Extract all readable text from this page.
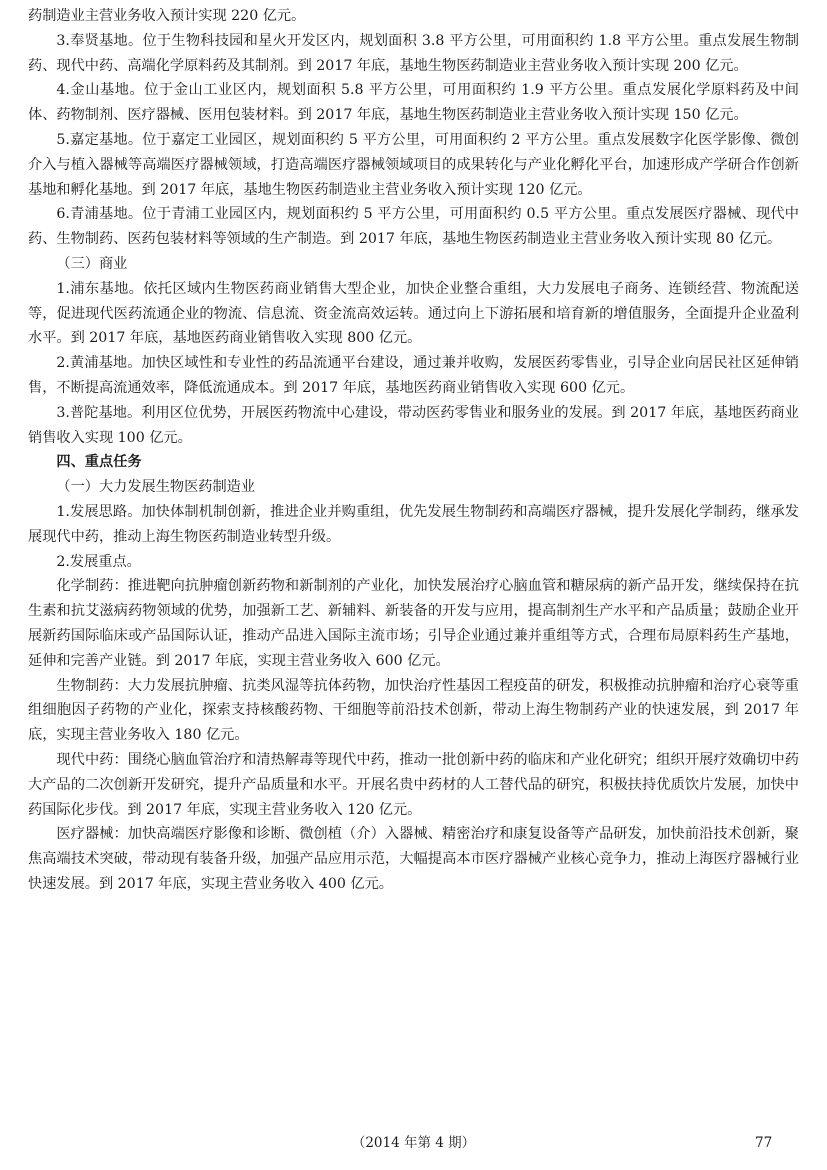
药制造业主营业务收入预计实现 220 亿元。

3.奉贤基地。位于生物科技园和星火开发区内，规划面积 3.8 平方公里，可用面积约 1.8 平方公里。重点发展生物制药、现代中药、高端化学原料药及其制剂。到 2017 年底，基地生物医药制造业主营业务收入预计实现 200 亿元。

4.金山基地。位于金山工业区内，规划面积 5.8 平方公里，可用面积约 1.9 平方公里。重点发展化学原料药及中间体、药物制剂、医疗器械、医用包装材料。到 2017 年底，基地生物医药制造业主营业务收入预计实现 150 亿元。

5.嘉定基地。位于嘉定工业园区，规划面积约 5 平方公里，可用面积约 2 平方公里。重点发展数字化医学影像、微创介入与植入器械等高端医疗器械领域，打造高端医疗器械领域项目的成果转化与产业化孵化平台，加速形成产学研合作创新基地和孵化基地。到 2017 年底，基地生物医药制造业主营业务收入预计实现 120 亿元。

6.青浦基地。位于青浦工业园区内，规划面积约 5 平方公里，可用面积约 0.5 平方公里。重点发展医疗器械、现代中药、生物制药、医药包装材料等领域的生产制造。到 2017 年底，基地生物医药制造业主营业务收入预计实现 80 亿元。

（三）商业

1.浦东基地。依托区域内生物医药商业销售大型企业，加快企业整合重组，大力发展电子商务、连锁经营、物流配送等，促进现代医药流通企业的物流、信息流、资金流高效运转。通过向上下游拓展和培育新的增值服务，全面提升企业盈利水平。到 2017 年底，基地医药商业销售收入实现 800 亿元。

2.黄浦基地。加快区域性和专业性的药品流通平台建设，通过兼并收购，发展医药零售业，引导企业向居民社区延伸销售，不断提高流通效率，降低流通成本。到 2017 年底，基地医药商业销售收入实现 600 亿元。

3.普陀基地。利用区位优势，开展医药物流中心建设，带动医药零售业和服务业的发展。到 2017 年底，基地医药商业销售收入实现 100 亿元。

四、重点任务

（一）大力发展生物医药制造业

1.发展思路。加快体制机制创新，推进企业并购重组，优先发展生物制药和高端医疗器械，提升发展化学制药，继承发展现代中药，推动上海生物医药制造业转型升级。

2.发展重点。

化学制药：推进靶向抗肿瘤创新药物和新制剂的产业化，加快发展治疗心脑血管和糖尿病的新产品开发，继续保持在抗生素和抗艾滋病药物领域的优势，加强新工艺、新辅料、新装备的开发与应用，提高制剂生产水平和产品质量；鼓励企业开展新药国际临床或产品国际认证，推动产品进入国际主流市场；引导企业通过兼并重组等方式，合理布局原料药生产基地，延伸和完善产业链。到 2017 年底，实现主营业务收入 600 亿元。

生物制药：大力发展抗肿瘤、抗类风湿等抗体药物，加快治疗性基因工程疫苗的研发，积极推动抗肿瘤和治疗心衰等重组细胞因子药物的产业化，探索支持核酸药物、干细胞等前沿技术创新，带动上海生物制药产业的快速发展，到 2017 年底，实现主营业务收入 180 亿元。

现代中药：围绕心脑血管治疗和清热解毒等现代中药，推动一批创新中药的临床和产业化研究；组织开展疗效确切中药大产品的二次创新开发研究，提升产品质量和水平。开展名贵中药材的人工替代品的研究，积极扶持优质饮片发展，加快中药国际化步伐。到 2017 年底，实现主营业务收入 120 亿元。

医疗器械：加快高端医疗影像和诊断、微创植（介）入器械、精密治疗和康复设备等产品研发，加快前沿技术创新，聚焦高端技术突破，带动现有装备升级，加强产品应用示范，大幅提高本市医疗器械产业核心竞争力，推动上海医疗器械行业快速发展。到 2017 年底，实现主营业务收入 400 亿元。

（2014 年第 4 期）	77
